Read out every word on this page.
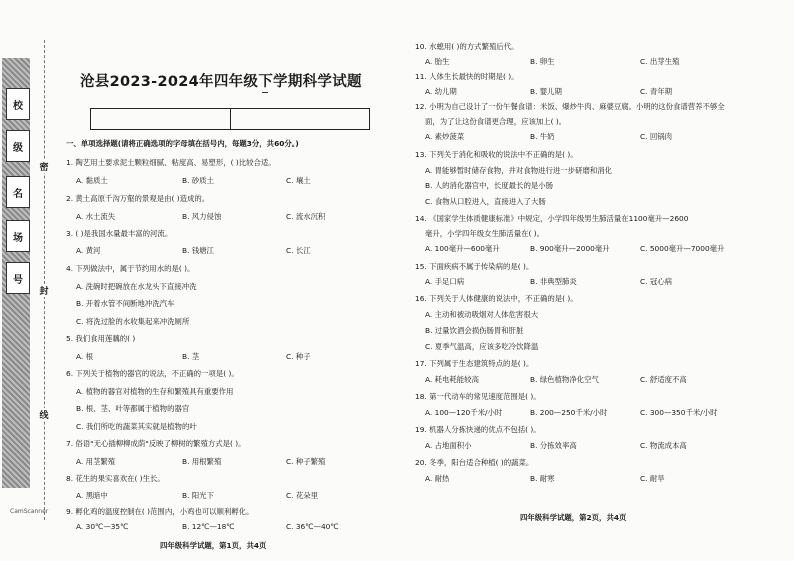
校
级
名
场
号
密
封
线
CamScanner
沧县2023-2024年四年级下学期科学试题
一、单项选择题(请将正确选项的字母填在括号内，每题3分，共60分。)
1. 陶艺用土要求泥土颗粒细腻、粘度高、易塑形，( )比较合适。
A. 黏质土	B. 砂质土	C. 壤土
2. 黄土高原千沟万壑的景观是由( )造成的。
A. 水土流失	B. 风力侵蚀	C. 流水沉积
3. ( )是我国水量最丰富的河流。
A. 黄河	B. 钱塘江	C. 长江
4. 下列做法中，属于节约用水的是( )。
A. 洗碗时把碗放在水龙头下直接冲洗
B. 开着水管不间断地冲洗汽车
C. 将洗过脸的水收集起来冲洗厕所
5. 我们食用莲藕的( )
A. 根	B. 茎	C. 种子
6. 下列关于植物的器官的说法，不正确的一项是( )。
A. 植物的器官对植物的生存和繁殖具有重要作用
B. 根、茎、叶等都属于植物的器官
C. 我们所吃的蔬菜其实就是植物的叶
7. 俗语"无心插柳柳成荫"反映了柳树的繁殖方式是( )。
A. 用茎繁殖	B. 用根繁殖	C. 种子繁殖
8. 花生的果实喜欢在( )生长。
A. 黑暗中	B. 阳光下	C. 花朵里
9. 孵化鸡的温度控制在( )范围内，小鸡也可以顺利孵化。
A. 30℃—35℃	B. 12℃—18℃	C. 36℃—40℃
四年级科学试题，第1页，共4页
10. 水螅用( )的方式繁殖后代。
A. 胎生	B. 卵生	C. 出芽生殖
11. 人体生长最快的时期是( )。
A. 幼儿期	B. 婴儿期	C. 青年期
12. 小明为自己设计了一份午餐食谱：米饭、爆炒牛肉、麻婆豆腐。小明的这份食谱营养不够全
面，为了让这份食谱更合理，应该加上( )。
A. 素炒菠菜	B. 牛奶	C. 回锅肉
13. 下列关于消化和吸收的说法中不正确的是( )。
A. 胃能够暂时储存食物，并对食物进行进一步研磨和消化
B. 人的消化器官中，长度最长的是小肠
C. 食物从口腔进入，直接进入了大肠
14. 《国家学生体质健康标准》中规定，小学四年级男生肺活量在1100毫升—2600
毫升，小学四年级女生肺活量在( )。
A. 100毫升—600毫升	B. 900毫升—2000毫升	C. 5000毫升—7000毫升
15. 下面疾病不属于传染病的是( )。
A. 手足口病	B. 非典型肺炎	C. 冠心病
16. 下列关于人体健康的说法中，不正确的是( )。
A. 主动和被动吸烟对人体危害很大
B. 过量饮酒会损伤肠胃和肝脏
C. 夏季气温高，应该多吃冷饮降温
17. 下列属于生态建筑特点的是( )。
A. 耗电耗能较高	B. 绿色植物净化空气	C. 舒适度不高
18. 第一代动车的常见速度范围是( )。
A. 100—120千米/小时	B. 200—250千米/小时	C. 300—350千米/小时
19. 机器人分拣快递的优点不包括( )。
A. 占地面积小	B. 分拣效率高	C. 物流成本高
20. 冬季，阳台适合种植( )的蔬菜。
A. 耐热	B. 耐寒	C. 耐旱
四年级科学试题，第2页，共4页
